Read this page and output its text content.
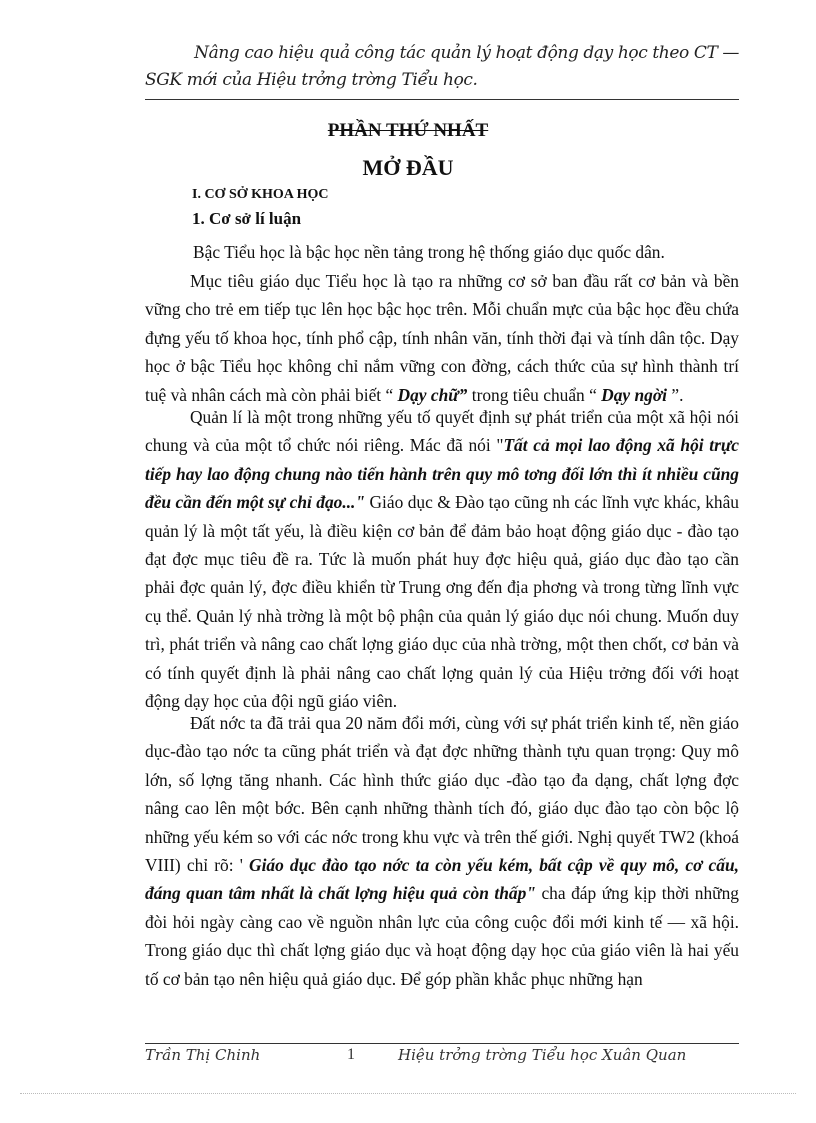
Nâng cao hiệu quả công tác quản lý hoạt động dạy học theo CT —
SGK mới của Hiệu trởng trờng Tiểu học.
PHẦN THỨ NHẤT
MỞ ĐẦU
I. CƠ SỞ KHOA HỌC
1. Cơ sở lí luận
Bậc Tiểu học là bậc học nền tảng trong hệ thống giáo dục quốc dân.
Mục tiêu giáo dục Tiểu học là tạo ra những cơ sở ban đầu rất cơ bản và bền vững cho trẻ em tiếp tục lên học bậc học trên. Mỗi chuẩn mực của bậc học đều chứa đựng yếu tố khoa học, tính phổ cập, tính nhân văn, tính thời đại và tính dân tộc. Dạy học ở bậc Tiểu học không chỉ nắm vững con đờng, cách thức của sự hình thành trí tuệ và nhân cách mà còn phải biết “ Dạy chữ” trong tiêu chuẩn “ Dạy ngời ”.
Quản lí là một trong những yếu tố quyết định sự phát triển của một xã hội nói chung và của một tổ chức nói riêng. Mác đã nói "Tất cả mọi lao động xã hội trực tiếp hay lao động chung nào tiến hành trên quy mô tơng đối lớn thì ít nhiều cũng đều cần đến một sự chỉ đạo..." Giáo dục & Đào tạo cũng nh các lĩnh vực khác, khâu quản lý là một tất yếu, là điều kiện cơ bản để đảm bảo hoạt động giáo dục - đào tạo đạt đợc mục tiêu đề ra. Tức là muốn phát huy đợc hiệu quả, giáo dục đào tạo cần phải đợc quản lý, đợc điều khiển từ Trung ơng đến địa phơng và trong từng lĩnh vực cụ thể. Quản lý nhà trờng là một bộ phận của quản lý giáo dục nói chung. Muốn duy trì, phát triển và nâng cao chất lợng giáo dục của nhà trờng, một then chốt, cơ bản và có tính quyết định là phải nâng cao chất lợng quản lý của Hiệu trởng đối với hoạt động dạy học của đội ngũ giáo viên.
Đất nớc ta đã trải qua 20 năm đổi mới, cùng với sự phát triển kinh tế, nền giáo dục-đào tạo nớc ta cũng phát triển và đạt đợc những thành tựu quan trọng: Quy mô lớn, số lợng tăng nhanh. Các hình thức giáo dục -đào tạo đa dạng, chất lợng đợc nâng cao lên một bớc. Bên cạnh những thành tích đó, giáo dục đào tạo còn bộc lộ những yếu kém so với các nớc trong khu vực và trên thế giới. Nghị quyết TW2 (khoá VIII) chỉ rõ: ' Giáo dục đào tạo nớc ta còn yếu kém, bất cập về quy mô, cơ cấu, đáng quan tâm nhất là chất lợng hiệu quả còn thấp" cha đáp ứng kịp thời những đòi hỏi ngày càng cao về nguồn nhân lực của công cuộc đổi mới kinh tế — xã hội. Trong giáo dục thì chất lợng giáo dục và hoạt động dạy học của giáo viên là hai yếu tố cơ bản tạo nên hiệu quả giáo dục. Để góp phần khắc phục những hạn
Trần Thị Chinh	1	Hiệu trởng trờng Tiểu học Xuân Quan
